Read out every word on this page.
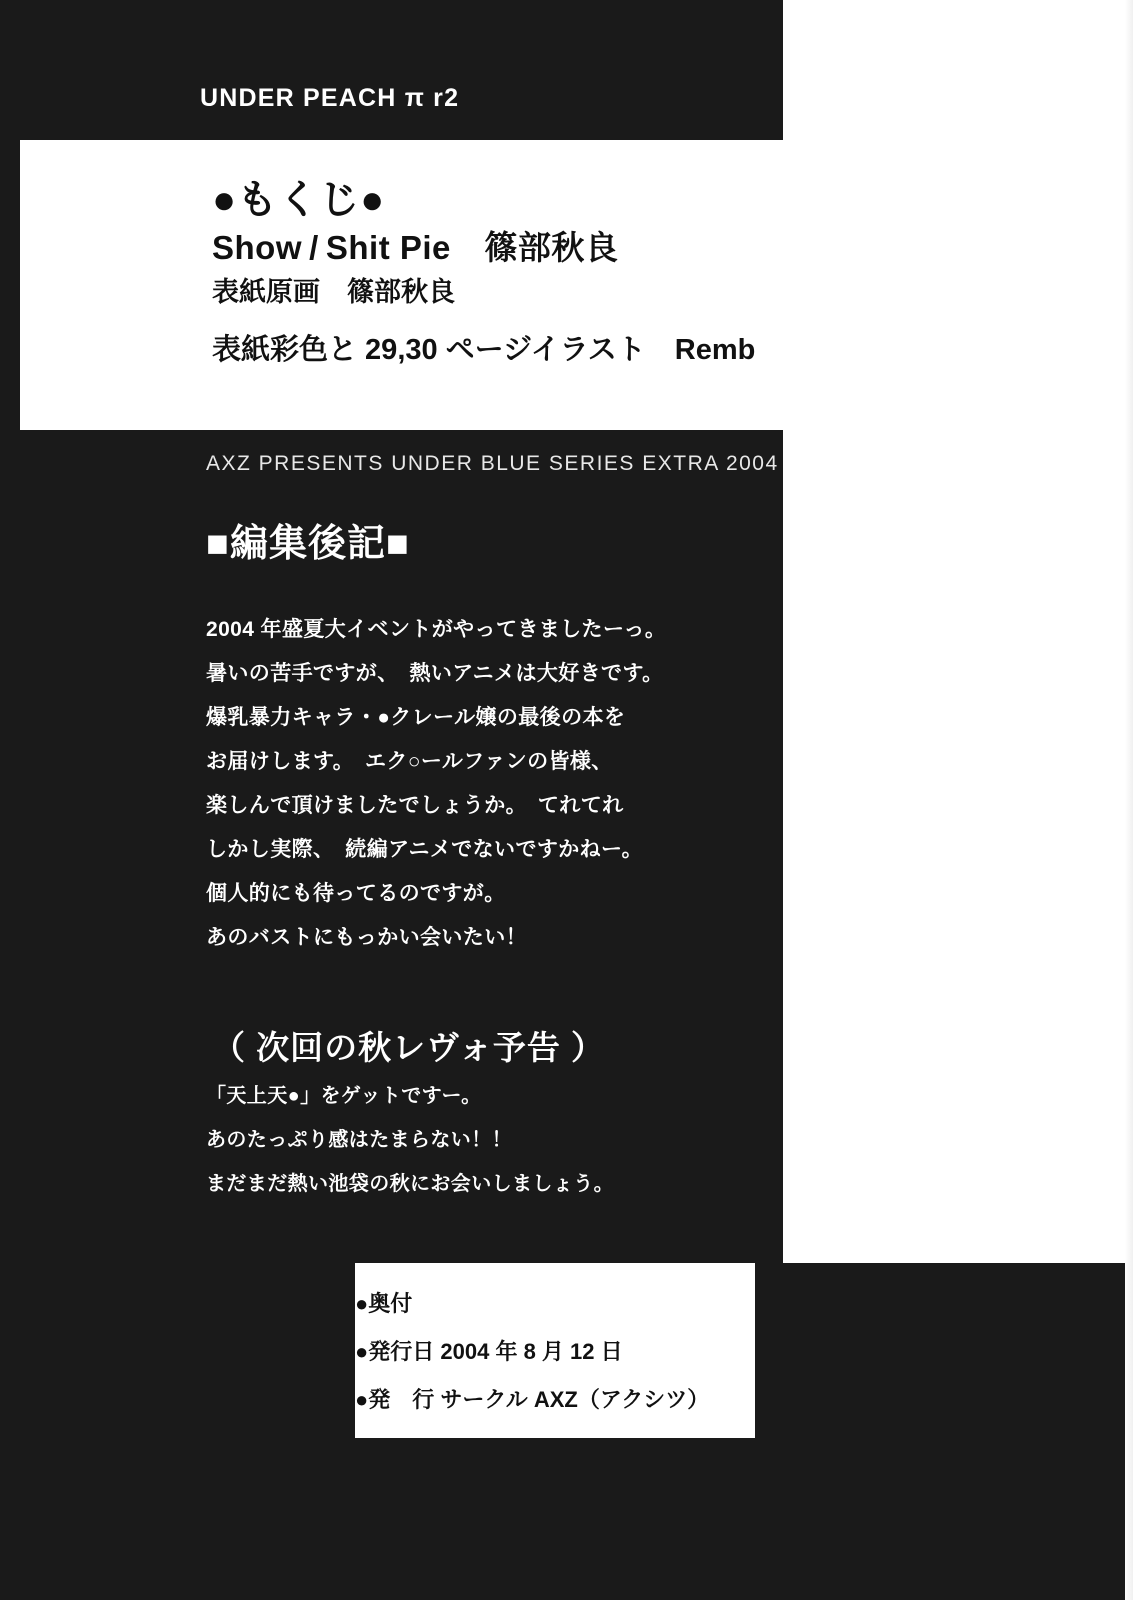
UNDER PEACH π r2
●もくじ●
Show / Shit Pie　篠部秋良
表紙原画　篠部秋良
表紙彩色と 29,30 ページイラスト　Remb
AXZ PRESENTS UNDER BLUE SERIES EXTRA 2004
■編集後記■
2004 年盛夏大イベントがやってきましたーっ。
暑いの苦手ですが、　熱いアニメは大好きです。
爆乳暴力キャラ・●クレール嬢の最後の本を
お届けします。　エク○ールファンの皆様、
楽しんで頂けましたでしょうか。　てれてれ
しかし実際、　続編アニメでないですかねー。
個人的にも待ってるのですが。
あのバストにもっかい会いたい！
（ 次回の秋レヴォ予告 ）
「天上天●」をゲットですー。
あのたっぷり感はたまらない！！
まだまだ熱い池袋の秋にお会いしましょう。
●奥付
●発行日 2004 年 8 月 12 日
●発　行 サークル AXZ（アクシツ）
